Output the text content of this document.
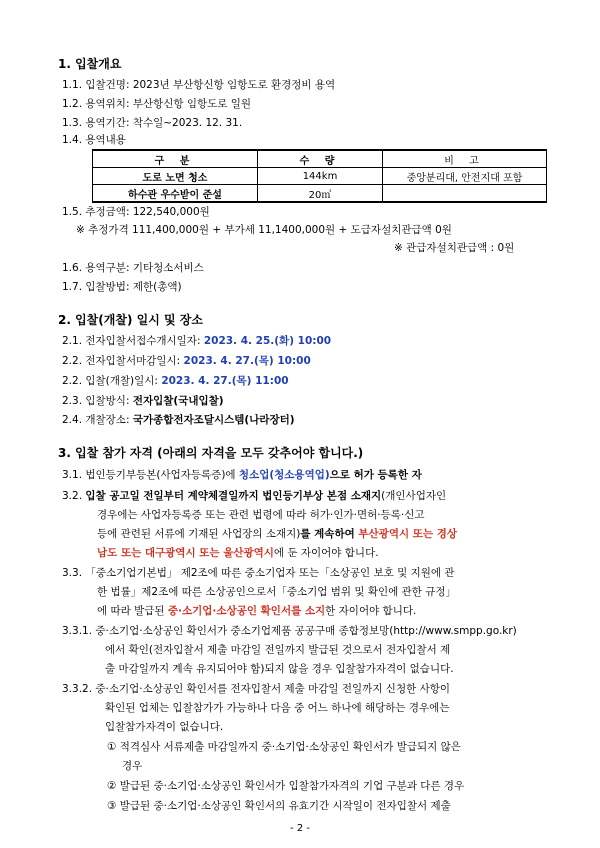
1. 입찰개요
1.1. 입찰건명: 2023년 부산항신항 임항도로 환경정비 용역
1.2. 용역위치: 부산항신항 임항도로 일원
1.3. 용역기간: 착수일~2023. 12. 31.
1.4. 용역내용
구 분	수 량	비 고
도로 노면 청소	144km	중앙분리대, 안전지대 포함
하수관 우수받이 준설	20㎥	
1.5. 추정금액: 122,540,000원
※ 추정가격 111,400,000원 + 부가세 11,1400,000원 + 도급자설치관급액 0원
※ 관급자설치관급액 : 0원
1.6. 용역구분: 기타청소서비스
1.7. 입찰방법: 제한(총액)
2. 입찰(개찰) 일시 및 장소
2.1. 전자입찰서접수개시일자: 2023. 4. 25.(화) 10:00
2.2. 전자입찰서마감일시: 2023. 4. 27.(목) 10:00
2.2. 입찰(개찰)일시: 2023. 4. 27.(목) 11:00
2.3. 입찰방식: 전자입찰(국내입찰)
2.4. 개찰장소: 국가종합전자조달시스템(나라장터)
3. 입찰 참가 자격 (아래의 자격을 모두 갖추어야 합니다.)
3.1. 법인등기부등본(사업자등록증)에 청소업(청소용역업)으로 허가 등록한 자
3.2. 입찰 공고일 전일부터 계약체결일까지 법인등기부상 본점 소재지(개인사업자인
경우에는 사업자등록증 또는 관련 법령에 따라 허가·인가·면허·등록·신고
등에 관련된 서류에 기재된 사업장의 소재지)를 계속하여 부산광역시 또는 경상
남도 또는 대구광역시 또는 울산광역시에 둔 자이어야 합니다.
3.3. 「중소기업기본법」 제2조에 따른 중소기업자 또는「소상공인 보호 및 지원에 관
한 법률」제2조에 따른 소상공인으로서「중소기업 범위 및 확인에 관한 규정」
에 따라 발급된 중·소기업·소상공인 확인서를 소지한 자이어야 합니다.
3.3.1. 중·소기업·소상공인 확인서가 중소기업제품 공공구매 종합정보망(http://www.smpp.go.kr)
에서 확인(전자입찰서 제출 마감일 전일까지 발급된 것으로서 전자입찰서 제
출 마감일까지 계속 유지되어야 함)되지 않을 경우 입찰참가자격이 없습니다.
3.3.2. 중·소기업·소상공인 확인서를 전자입찰서 제출 마감일 전일까지 신청한 사항이
확인된 업체는 입찰참가가 가능하나 다음 중 어느 하나에 해당하는 경우에는
입찰참가자격이 없습니다.
① 적격심사 서류제출 마감일까지 중·소기업·소상공인 확인서가 발급되지 않은
경우
② 발급된 중·소기업·소상공인 확인서가 입찰참가자격의 기업 구분과 다른 경우
③ 발급된 중·소기업·소상공인 확인서의 유효기간 시작일이 전자입찰서 제출
- 2 -
